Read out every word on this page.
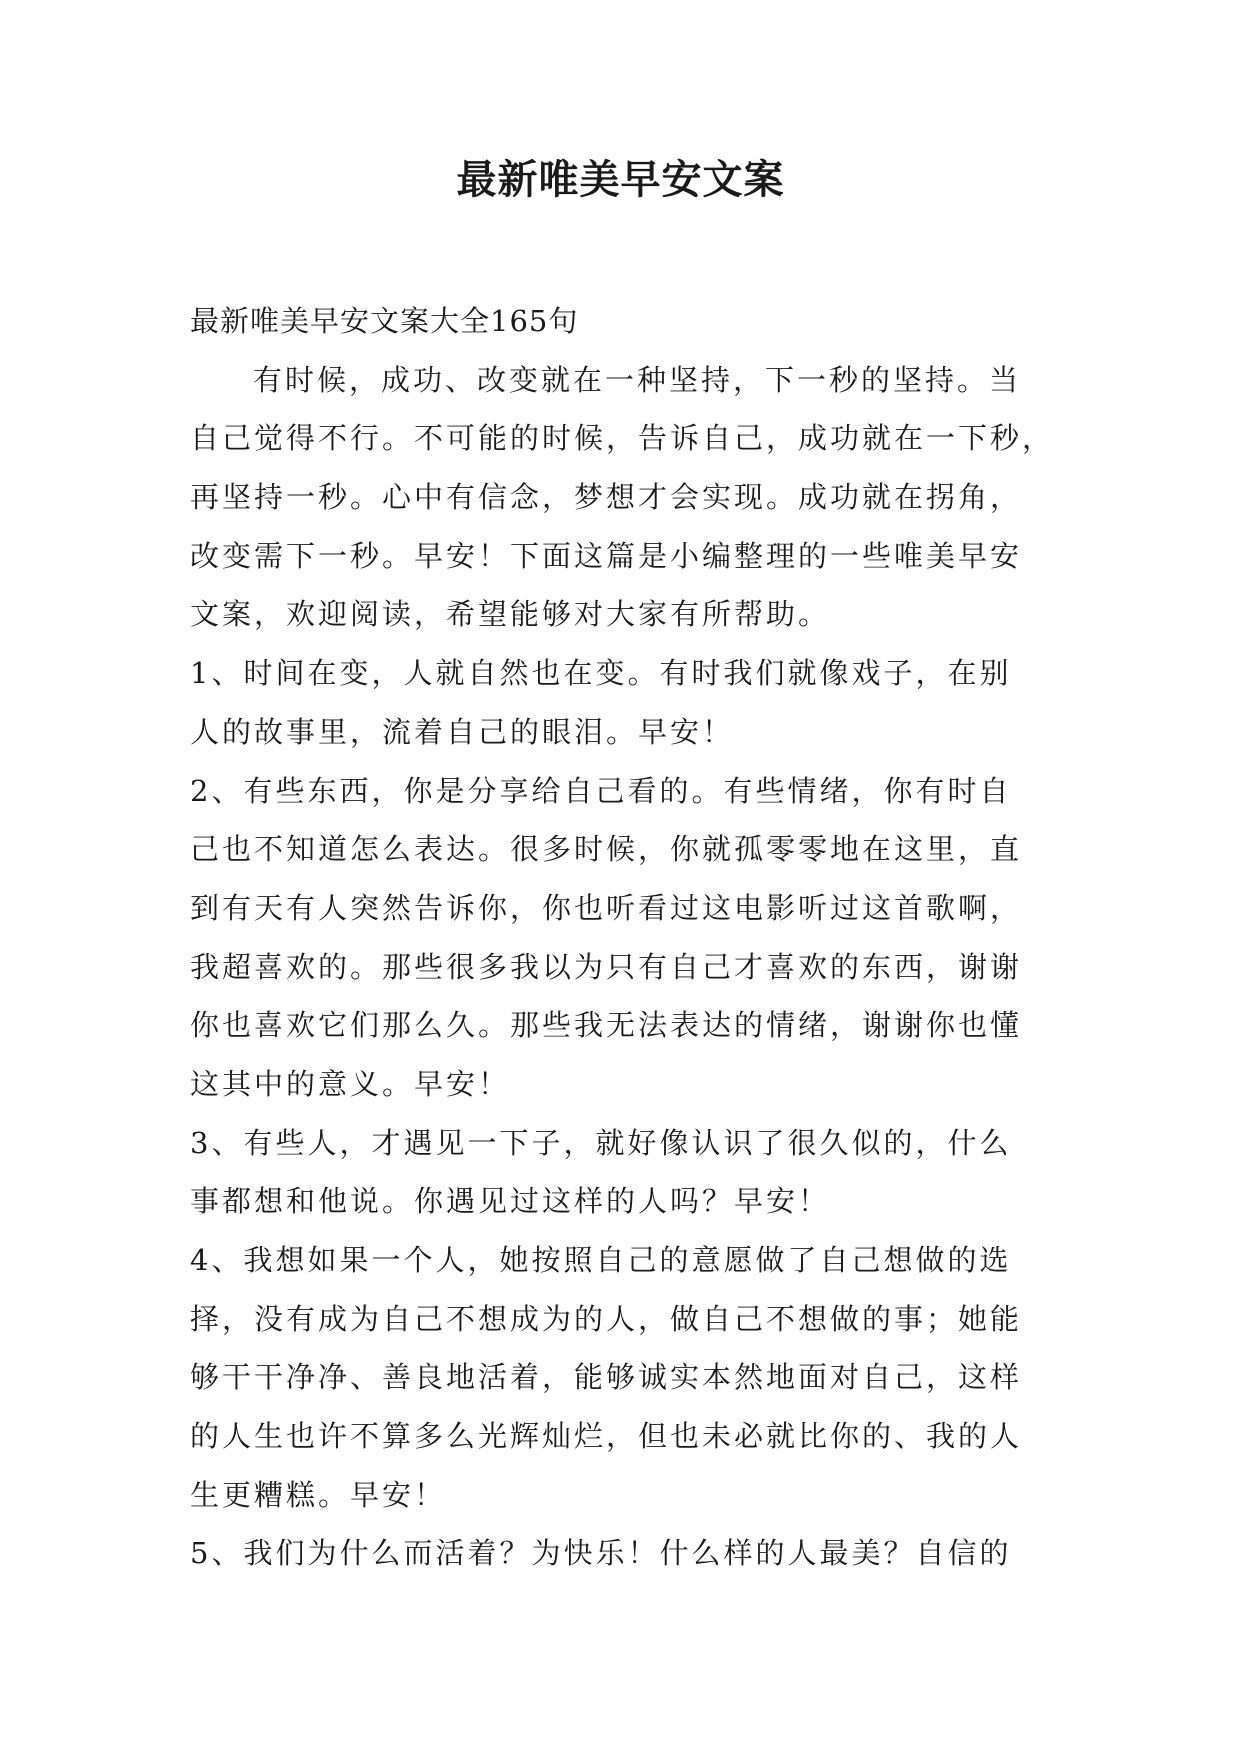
最新唯美早安文案
最新唯美早安文案大全165句
有时候，成功、改变就在一种坚持，下一秒的坚持。当
自己觉得不行。不可能的时候，告诉自己，成功就在一下秒，
再坚持一秒。心中有信念，梦想才会实现。成功就在拐角，
改变需下一秒。早安！下面这篇是小编整理的一些唯美早安
文案，欢迎阅读，希望能够对大家有所帮助。
1、时间在变，人就自然也在变。有时我们就像戏子，在别
人的故事里，流着自己的眼泪。早安！
2、有些东西，你是分享给自己看的。有些情绪，你有时自
己也不知道怎么表达。很多时候，你就孤零零地在这里，直
到有天有人突然告诉你，你也听看过这电影听过这首歌啊，
我超喜欢的。那些很多我以为只有自己才喜欢的东西，谢谢
你也喜欢它们那么久。那些我无法表达的情绪，谢谢你也懂
这其中的意义。早安！
3、有些人，才遇见一下子，就好像认识了很久似的，什么
事都想和他说。你遇见过这样的人吗？早安！
4、我想如果一个人，她按照自己的意愿做了自己想做的选
择，没有成为自己不想成为的人，做自己不想做的事；她能
够干干净净、善良地活着，能够诚实本然地面对自己，这样
的人生也许不算多么光辉灿烂，但也未必就比你的、我的人
生更糟糕。早安！
5、我们为什么而活着？为快乐！什么样的人最美？自信的
